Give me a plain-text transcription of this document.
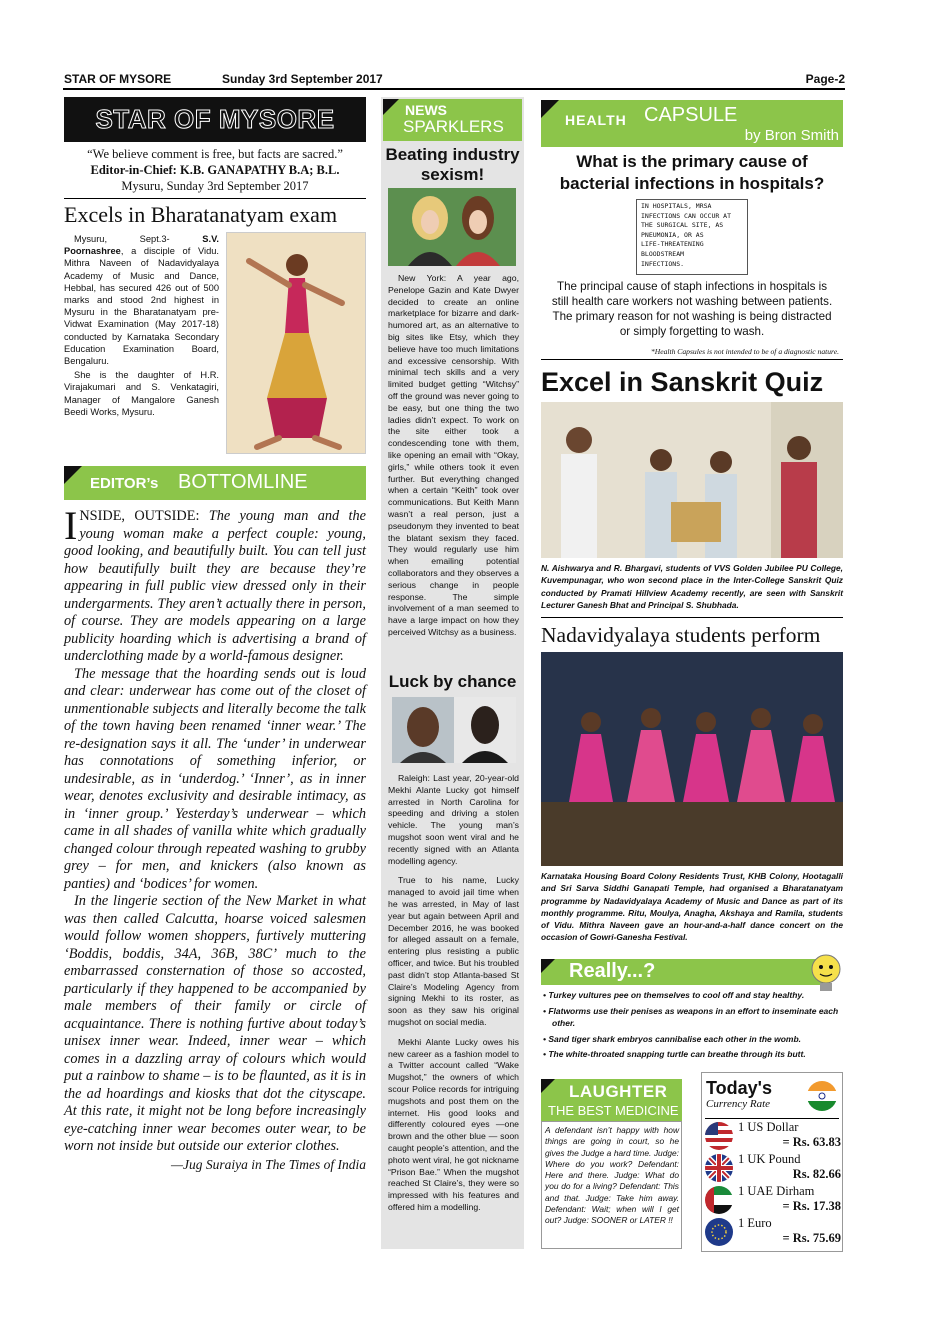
STAR OF MYSORE	Sunday 3rd September 2017	Page-2
STAR OF MYSORE
“We believe comment is free, but facts are sacred.”
Editor-in-Chief: K.B. GANAPATHY B.A; B.L.
Mysuru, Sunday 3rd September 2017
Excels in Bharatanatyam exam

Mysuru, Sept.3- S.V. Poornashree, a disciple of Vidu. Mithra Naveen of Nadavidyalaya Academy of Music and Dance, Hebbal, has secured 426 out of 500 marks and stood 2nd highest in Mysuru in the Bharatanatyam pre-Vidwat Examination (May 2017-18) conducted by Karnataka Secondary Education Examination Board, Bengaluru.

She is the daughter of H.R. Virajakumari and S. Venkatagiri, Manager of Mangalore Ganesh Beedi Works, Mysuru.

EDITOR’s BOTTOMLINE

INSIDE, OUTSIDE: The young man and the young woman make a perfect couple: young, good looking, and beautifully built. You can tell just how beautifully built they are because they’re appearing in full public view dressed only in their undergarments. They aren’t actually there in person, of course. They are models appearing on a large publicity hoarding which is advertising a brand of underclothing made by a world-famous designer.

The message that the hoarding sends out is loud and clear: underwear has come out of the closet of unmentionable subjects and literally become the talk of the town having been renamed ‘inner wear.’ The re-designation says it all. The ‘under’ in underwear has connotations of something inferior, or undesirable, as in ‘underdog.’ ‘Inner’, as in inner wear, denotes exclusivity and desirable intimacy, as in ‘inner group.’ Yesterday’s underwear – which came in all shades of vanilla white which gradually changed colour through repeated washing to grubby grey – for men, and knickers (also known as panties) and ‘bodices’ for women.

In the lingerie section of the New Market in what was then called Calcutta, hoarse voiced salesmen would follow women shoppers, furtively muttering ‘Boddis, boddis, 34A, 36B, 38C’ much to the embarrassed consternation of those so accosted, particularly if they happened to be accompanied by male members of their family or circle of acquaintance. There is nothing furtive about today’s unisex inner wear. Indeed, inner wear – which comes in a dazzling array of colours which would put a rainbow to shame – is to be flaunted, as it is in the ad hoardings and kiosks that dot the cityscape. At this rate, it might not be long before increasingly eye-catching inner wear becomes outer wear, to be worn not inside but outside our exterior clothes.

—Jug Suraiya in The Times of India

NEWS
SPARKLERS
Beating industry sexism!

New York: A year ago, Penelope Gazin and Kate Dwyer decided to create an online marketplace for bizarre and dark-humored art, as an alternative to big sites like Etsy, which they believe have too much limitations and excessive censorship. With minimal tech skills and a very limited budget getting “Witchsy” off the ground was never going to be easy, but one thing the two ladies didn’t expect. To work on the site either took a condescending tone with them, like opening an email with “Okay, girls,” while others took it even further. But everything changed when a certain “Keith” took over communications. But Keith Mann wasn’t a real person, just a pseudonym they invented to beat the blatant sexism they faced. They would regularly use him when emailing potential collaborators and they observes a serious change in people response. The simple involvement of a man seemed to have a large impact on how they perceived Witchsy as a business.

Luck by chance

Raleigh: Last year, 20-year-old Mekhi Alante Lucky got himself arrested in North Carolina for speeding and driving a stolen vehicle. The young man’s mugshot soon went viral and he recently signed with an Atlanta modelling agency.

True to his name, Lucky managed to avoid jail time when he was arrested, in May of last year but again between April and December 2016, he was booked for alleged assault on a female, entering plus resisting a public officer, and twice. But his troubled past didn’t stop Atlanta-based St Claire’s Modeling Agency from signing Mekhi to its roster, as soon as they saw his original mugshot on social media.

Mekhi Alante Lucky owes his new career as a fashion model to a Twitter account called “Wake Mugshot,” the owners of which scour Police records for intriguing mugshots and post them on the internet. His good looks and differently coloured eyes —one brown and the other blue — soon caught people’s attention, and the photo went viral, he got nickname “Prison Bae.” When the mugshot reached St Claire’s, they were so impressed with his features and offered him a modelling.

HEALTH CAPSULE
by Bron Smith
What is the primary cause of bacterial infections in hospitals?
IN HOSPITALS, MRSA
INFECTIONS CAN OCCUR AT
THE SURGICAL SITE, AS
PNEUMONIA, OR AS
LIFE-THREATENING
BLOODSTREAM
INFECTIONS.
The principal cause of staph infections in hospitals is still health care workers not washing between patients. The primary reason for not washing is being distracted or simply forgetting to wash.
*Health Capsules is not intended to be of a diagnostic nature.
Excel in Sanskrit Quiz
N. Aishwarya and R. Bhargavi, students of VVS Golden Jubilee PU College, Kuvempunagar, who won second place in the Inter-College Sanskrit Quiz conducted by Pramati Hillview Academy recently, are seen with Sanskrit Lecturer Ganesh Bhat and Principal S. Shubhada.
Nadavidyalaya students perform
Karnataka Housing Board Colony Residents Trust, KHB Colony, Hootagalli and Sri Sarva Siddhi Ganapati Temple, had organised a Bharatanatyam programme by Nadavidyalaya Academy of Music and Dance as part of its monthly programme. Ritu, Moulya, Anagha, Akshaya and Ramila, students of Vidu. Mithra Naveen gave an hour-and-a-half dance concert on the occasion of Gowri-Ganesha Festival.
Really...?
• Turkey vultures pee on themselves to cool off and stay healthy.
• Flatworms use their penises as weapons in an effort to inseminate each other.
• Sand tiger shark embryos cannibalise each other in the womb.
• The white-throated snapping turtle can breathe through its butt.
LAUGHTER
THE BEST MEDICINE
A defendant isn’t happy with how things are going in court, so he gives the Judge a hard time. Judge: Where do you work? Defendant: Here and there. Judge: What do you do for a living? Defendant: This and that. Judge: Take him away. Defendant: Wait; when will I get out? Judge: SOONER or LATER !!
Today's
Currency Rate
1 US Dollar
= Rs. 63.83
1 UK Pound
Rs. 82.66
1 UAE Dirham
= Rs. 17.38
1 Euro
= Rs. 75.69
